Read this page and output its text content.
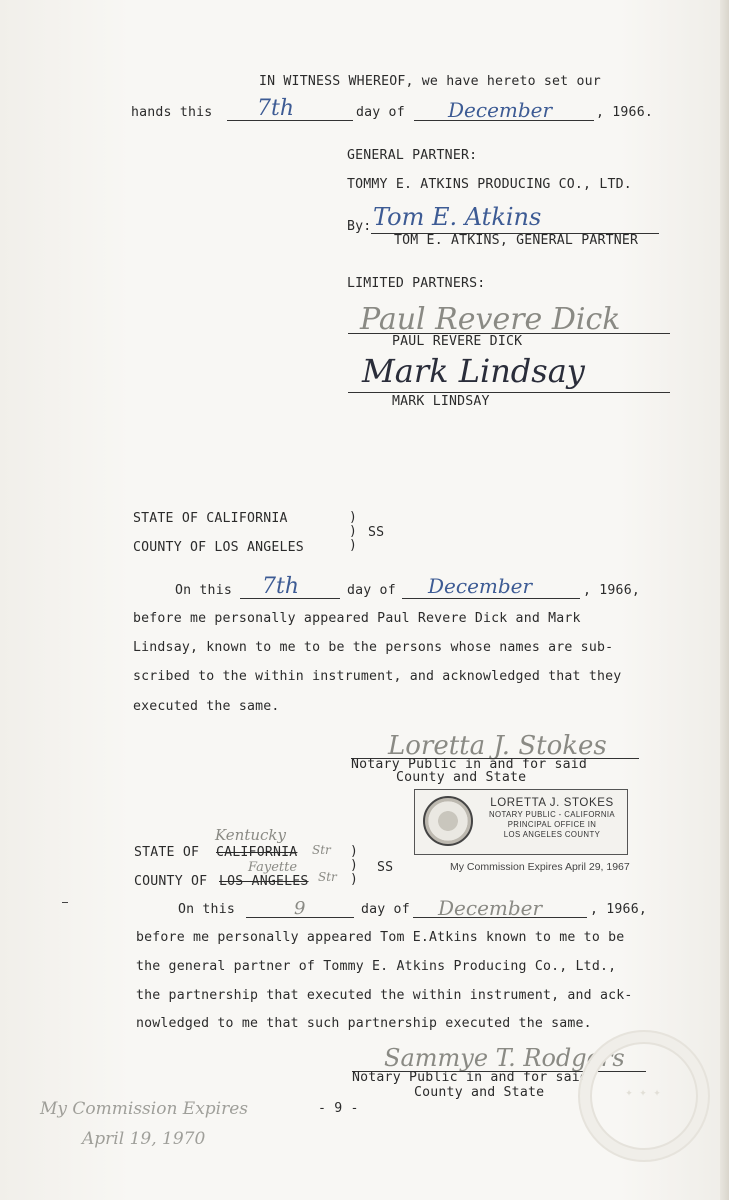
IN WITNESS WHEREOF, we have hereto set our
hands this 7th	day of December	, 1966.
GENERAL PARTNER:
TOMMY E. ATKINS PRODUCING CO., LTD.
By: Tom E. Atkins
TOM E. ATKINS, GENERAL PARTNER
LIMITED PARTNERS:
Paul Revere Dick
PAUL REVERE DICK
Mark Lindsay
MARK LINDSAY
STATE OF CALIFORNIA
COUNTY OF LOS ANGELES
)
)
)
SS
On this 7th	day of December	, 1966,
before me personally appeared Paul Revere Dick and Mark
Lindsay, known to me to be the persons whose names are sub-
scribed to the within instrument, and acknowledged that they
executed the same.
Loretta J. Stokes
Notary Public in and for said
County and State
LORETTA J. STOKES
NOTARY PUBLIC - CALIFORNIA
PRINCIPAL OFFICE IN
LOS ANGELES COUNTY
My Commission Expires April 29, 1967
Kentucky
STATE OF CALIFORNIA Str
Fayette
COUNTY OF LOS ANGELES Str
)
)
)
SS
On this	9	day of December	, 1966,
before me personally appeared Tom E.Atkins known to me to be
the general partner of Tommy E. Atkins Producing Co., Ltd.,
the partnership that executed the within instrument, and ack-
nowledged to me that such partnership executed the same.
Sammye T. Rodgers
Notary Public in and for said
County and State	✦ ✦ ✦
- 9 -
My Commission Expires
April 19, 1970
